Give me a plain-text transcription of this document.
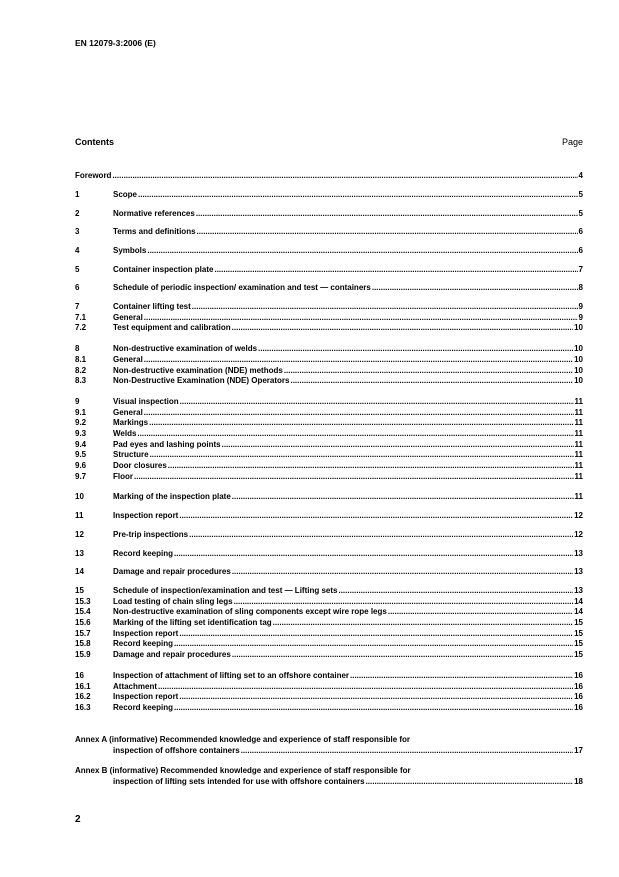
EN 12079-3:2006 (E)
Contents	Page
Foreword .....	4
1	Scope .....	5
2	Normative references .....	5
3	Terms and definitions .....	6
4	Symbols .....	6
5	Container inspection plate .....	7
6	Schedule of periodic inspection/ examination and test — containers .....	8
7	Container lifting test .....	9
7.1	General .....	9
7.2	Test equipment and calibration .....	10
8	Non-destructive examination of welds .....	10
8.1	General .....	10
8.2	Non-destructive examination (NDE) methods .....	10
8.3	Non-Destructive Examination (NDE) Operators .....	10
9	Visual inspection .....	11
9.1	General .....	11
9.2	Markings .....	11
9.3	Welds .....	11
9.4	Pad eyes and lashing points .....	11
9.5	Structure .....	11
9.6	Door closures .....	11
9.7	Floor .....	11
10	Marking of the inspection plate .....	11
11	Inspection report .....	12
12	Pre-trip inspections .....	12
13	Record keeping .....	13
14	Damage and repair procedures .....	13
15	Schedule of inspection/examination and test — Lifting sets .....	13
15.3	Load testing of chain sling legs .....	14
15.4	Non-destructive examination of sling components except wire rope legs .....	14
15.6	Marking of the lifting set identification tag .....	15
15.7	Inspection report .....	15
15.8	Record keeping .....	15
15.9	Damage and repair procedures .....	15
16	Inspection of attachment of lifting set to an offshore container .....	16
16.1	Attachment .....	16
16.2	Inspection report .....	16
16.3	Record keeping .....	16
Annex A (informative) Recommended knowledge and experience of staff responsible for
inspection of offshore containers .....	17
Annex B (informative) Recommended knowledge and experience of staff responsible for
inspection of lifting sets intended for use with offshore containers .....	18
2
